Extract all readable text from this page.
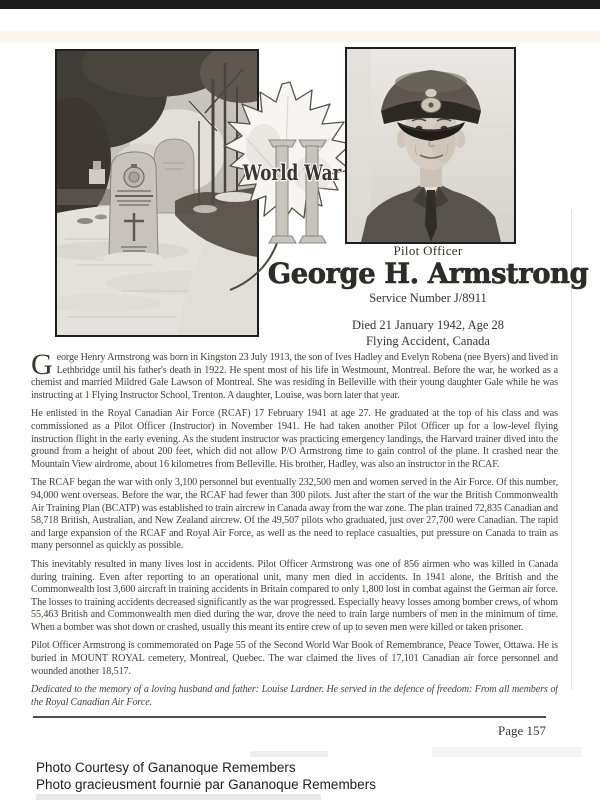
World War
Pilot Officer
George H. Armstrong
Service Number J/8911
Died 21 January 1942, Age 28
Flying Accident, Canada

George Henry Armstrong was born in Kingston 23 July 1913, the son of Ives Hadley and Evelyn Robena (nee Byers) and lived in Lethbridge until his father's death in 1922. He spent most of his life in Westmount, Montreal. Before the war, he worked as a chemist and married Mildred Gale Lawson of Montreal. She was residing in Belleville with their young daughter Gale while he was instructing at 1 Flying Instructor School, Trenton. A daughter, Louise, was born later that year.

He enlisted in the Royal Canadian Air Force (RCAF) 17 February 1941 at age 27. He graduated at the top of his class and was commissioned as a Pilot Officer (Instructor) in November 1941. He had taken another Pilot Officer up for a low-level flying instruction flight in the early evening. As the student instructor was practicing emergency landings, the Harvard trainer dived into the ground from a height of about 200 feet, which did not allow P/O Armstrong time to gain control of the plane. It crashed near the Mountain View airdrome, about 16 kilometres from Belleville. His brother, Hadley, was also an instructor in the RCAF.

The RCAF began the war with only 3,100 personnel but eventually 232,500 men and women served in the Air Force. Of this number, 94,000 went overseas. Before the war, the RCAF had fewer than 300 pilots. Just after the start of the war the British Commonwealth Air Training Plan (BCATP) was established to train aircrew in Canada away from the war zone. The plan trained 72,835 Canadian and 58,718 British, Australian, and New Zealand aircrew. Of the 49,507 pilots who graduated, just over 27,700 were Canadian. The rapid and large expansion of the RCAF and Royal Air Force, as well as the need to replace casualties, put pressure on Canada to train as many personnel as quickly as possible.

This inevitably resulted in many lives lost in accidents. Pilot Officer Armstrong was one of 856 airmen who was killed in Canada during training. Even after reporting to an operational unit, many men died in accidents. In 1941 alone, the British and the Commonwealth lost 3,600 aircraft in training accidents in Britain compared to only 1,800 lost in combat against the German air force. The losses to training accidents decreased significantly as the war progressed. Especially heavy losses among bomber crews, of whom 55,463 British and Commonwealth men died during the war, drove the need to train large numbers of men in the minimum of time. When a bomber was shot down or crashed, usually this meant its entire crew of up to seven men were killed or taken prisoner.

Pilot Officer Armstrong is commemorated on Page 55 of the Second World War Book of Remembrance, Peace Tower, Ottawa. He is buried in MOUNT ROYAL cemetery, Montreal, Quebec. The war claimed the lives of 17,101 Canadian air force personnel and wounded another 18,517.

Dedicated to the memory of a loving husband and father: Louise Lardner. He served in the defence of freedom: From all members of the Royal Canadian Air Force.

Page 157
Photo Courtesy of Gananoque Remembers
Photo gracieusment fournie par Gananoque Remembers
